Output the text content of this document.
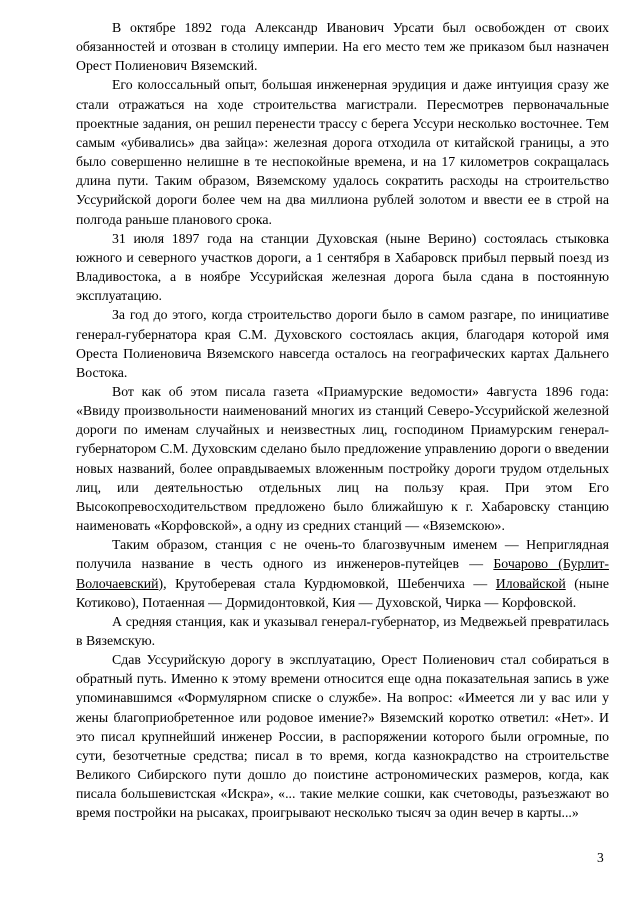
В октябре 1892 года Александр Иванович Урсати был освобожден от своих обязанностей и отозван в столицу империи. На его место тем же приказом был назначен Орест Полиенович Вяземский.

Его колоссальный опыт, большая инженерная эрудиция и даже интуиция сразу же стали отражаться на ходе строительства магистрали. Пересмотрев первоначальные проектные задания, он решил перенести трассу с берега Уссури несколько восточнее. Тем самым «убивались» два зайца»: железная дорога отходила от китайской границы, а это было совершенно нелишне в те неспокойные времена, и на 17 километров сокращалась длина пути. Таким образом, Вяземскому удалось сократить расходы на строительство Уссурийской дороги более чем на два миллиона рублей золотом и ввести ее в строй на полгода раньше планового срока.

31 июля 1897 года на станции Духовская (ныне Верино) состоялась стыковка южного и северного участков дороги, а 1 сентября в Хабаровск прибыл первый поезд из Владивостока, а в ноябре Уссурийская железная дорога была сдана в постоянную эксплуатацию.

За год до этого, когда строительство дороги было в самом разгаре, по инициативе генерал-губернатора края С.М. Духовского состоялась акция, благодаря которой имя Ореста Полиеновича Вяземского навсегда осталось на географических картах Дальнего Востока.

Вот как об этом писала газета «Приамурские ведомости» 4августа 1896 года: «Ввиду произвольности наименований многих из станций Северо-Уссурийской железной дороги по именам случайных и неизвестных лиц, господином Приамурским генерал-губернатором С.М. Духовским сделано было предложение управлению дороги о введении новых названий, более оправдываемых вложенным постройку дороги трудом отдельных лиц, или деятельностью отдельных лиц на пользу края. При этом Его Высокопревосходительством предложено было ближайшую к г. Хабаровску станцию наименовать «Корфовской», а одну из средних станций — «Вяземскою».

Таким образом, станция с не очень-то благозвучным именем — Неприглядная получила название в честь одного из инженеров-путейцев — Бочарово (Бурлит-Волочаевский), Крутоберевая стала Курдюмовкой, Шебенчиха — Иловайской (ныне Котиково), Потаенная — Дормидонтовкой, Кия — Духовской, Чирка — Корфовской.

А средняя станция, как и указывал генерал-губернатор, из Медвежьей превратилась в Вяземскую.

Сдав Уссурийскую дорогу в эксплуатацию, Орест Полиенович стал собираться в обратный путь. Именно к этому времени относится еще одна показательная запись в уже упоминавшимся «Формулярном списке о службе». На вопрос: «Имеется ли у вас или у жены благоприобретенное или родовое имение?» Вяземский коротко ответил: «Нет». И это писал крупнейший инженер России, в распоряжении которого были огромные, по сути, безотчетные средства; писал в то время, когда казнокрадство на строительстве Великого Сибирского пути дошло до поистине астрономических размеров, когда, как писала большевистская «Искра», «... такие мелкие сошки, как счетоводы, разъезжают во время постройки на рысаках, проигрывают несколько тысяч за один вечер в карты...»

3
